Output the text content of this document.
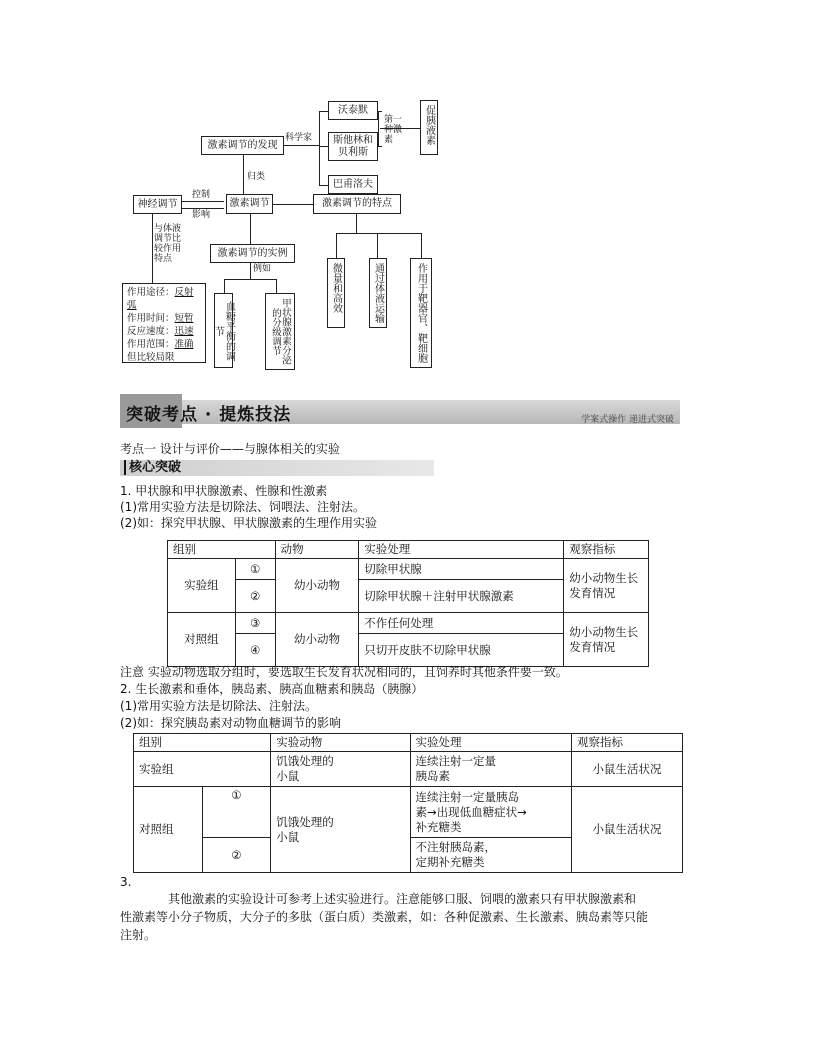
激素调节的发现
科学家
沃泰默
斯他林和贝利斯
巴甫洛夫
第一种激素	促胰液素
归类
神经调节
控制
影响
激素调节	激素调节的特点
微量和高效	通过体液运输	作用于靶器官、靶细胞
与体液调节比较作用特点
作用途径：反射弧
作用时间：短暂
反应速度：迅速
作用范围：准确
但比较局限
激素调节的实例
例如
血糖平衡的调节	甲状腺激素分泌的分级调节
突破考点 · 提炼技法	学案式操作 递进式突破
考点一 设计与评价——与腺体相关的实验
核心突破
1. 甲状腺和甲状腺激素、性腺和性激素
(1)常用实验方法是切除法、饲喂法、注射法。
(2)如：探究甲状腺、甲状腺激素的生理作用实验
组别		动物	实验处理	观察指标
实验组	①	幼小动物	切除甲状腺	幼小动物生长发育情况
	②		切除甲状腺＋注射甲状腺激素	
对照组	③	幼小动物	不作任何处理	幼小动物生长发育情况
	④		只切开皮肤不切除甲状腺	
注意 实验动物选取分组时，要选取生长发育状况相同的，且饲养时其他条件要一致。
2. 生长激素和垂体，胰岛素、胰高血糖素和胰岛（胰腺）
(1)常用实验方法是切除法、注射法。
(2)如：探究胰岛素对动物血糖调节的影响
组别		实验动物	实验处理	观察指标
实验组		饥饿处理的小鼠	连续注射一定量胰岛素	小鼠生活状况
对照组	①	饥饿处理的小鼠	连续注射一定量胰岛素→出现低血糖症状→补充糖类	小鼠生活状况
	②		不注射胰岛素，定期补充糖类	
3.
其他激素的实验设计可参考上述实验进行。注意能够口服、饲喂的激素只有甲状腺激素和
性激素等小分子物质，大分子的多肽（蛋白质）类激素，如：各种促激素、生长激素、胰岛素等只能
注射。
